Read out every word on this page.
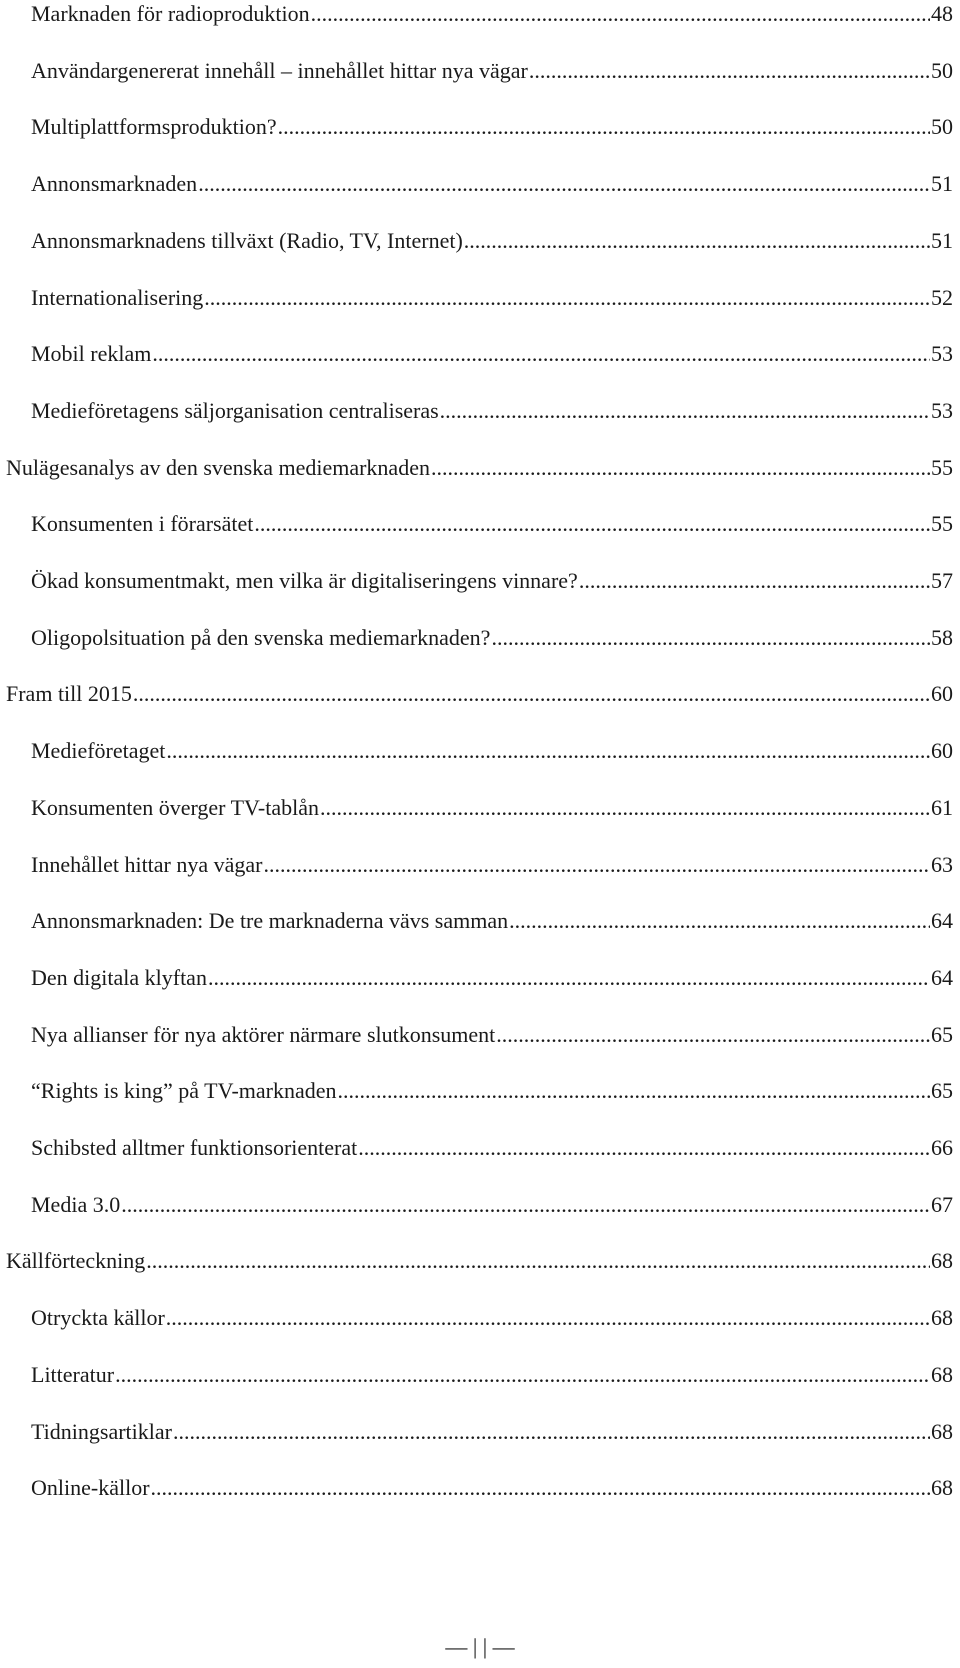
Marknaden för radioproduktion .....	48
Användargenererat innehåll – innehållet hittar nya vägar .....	50
Multiplattformsproduktion? .....	50
Annonsmarknaden .....	51
Annonsmarknadens tillväxt (Radio, TV, Internet) .....	51
Internationalisering .....	52
Mobil reklam .....	53
Medieföretagens säljorganisation centraliseras .....	53
Nulägesanalys av den svenska mediemarknaden .....	55
Konsumenten i förarsätet .....	55
Ökad konsumentmakt, men vilka är digitaliseringens vinnare? .....	57
Oligopolsituation på den svenska mediemarknaden? .....	58
Fram till 2015 .....	60
Medieföretaget .....	60
Konsumenten överger TV-tablån .....	61
Innehållet hittar nya vägar .....	63
Annonsmarknaden: De tre marknaderna vävs samman .....	64
Den digitala klyftan .....	64
Nya allianser för nya aktörer närmare slutkonsument .....	65
“Rights is king” på TV-marknaden .....	65
Schibsted alltmer funktionsorienterat .....	66
Media 3.0 .....	67
Källförteckning .....	68
Otryckta källor .....	68
Litteratur .....	68
Tidningsartiklar .....	68
Online-källor .....	68
— | | —
